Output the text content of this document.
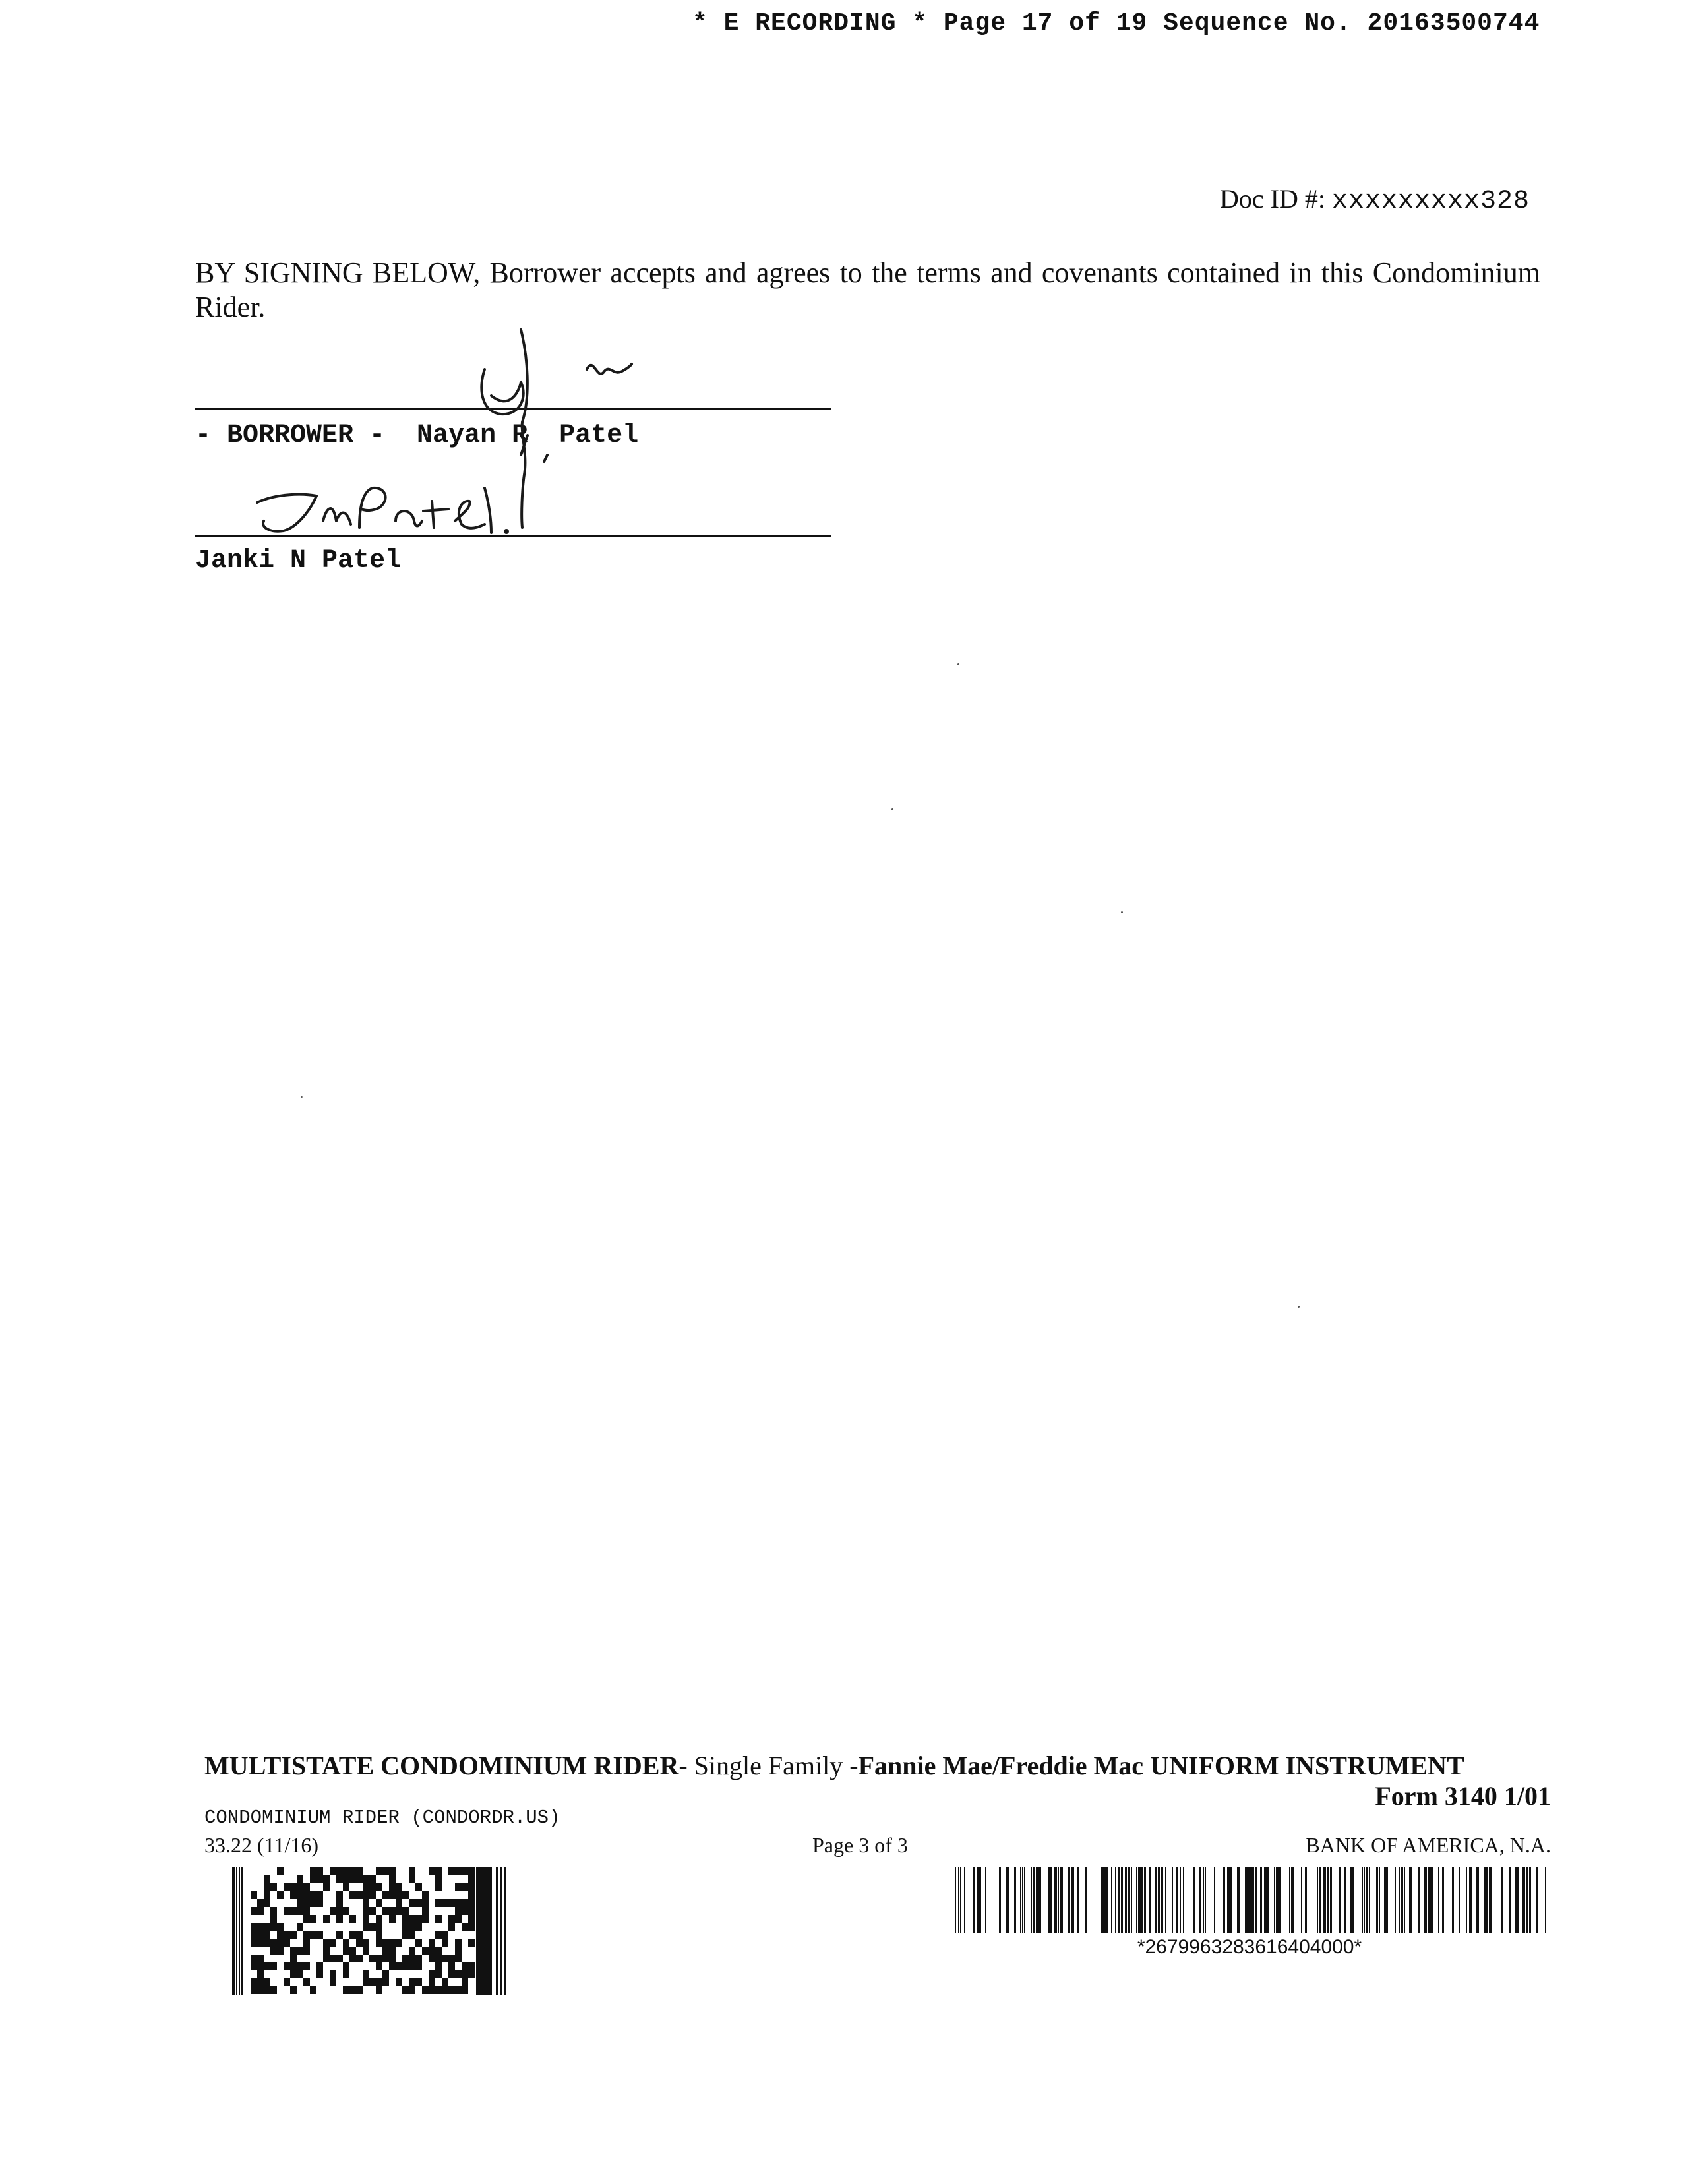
* E RECORDING * Page 17 of 19 Sequence No. 20163500744
Doc ID #: xxxxxxxxx328
BY SIGNING BELOW, Borrower accepts and agrees to the terms and covenants contained in this Condominium Rider.
- BORROWER -  Nayan R  Patel
Janki N Patel
MULTISTATE CONDOMINIUM RIDER- Single Family -Fannie Mae/Freddie Mac UNIFORM INSTRUMENT
Form 3140 1/01
CONDOMINIUM RIDER (CONDORDR.US)
33.22 (11/16)	Page 3 of 3	BANK OF AMERICA, N.A.
*2679963283616404000*
